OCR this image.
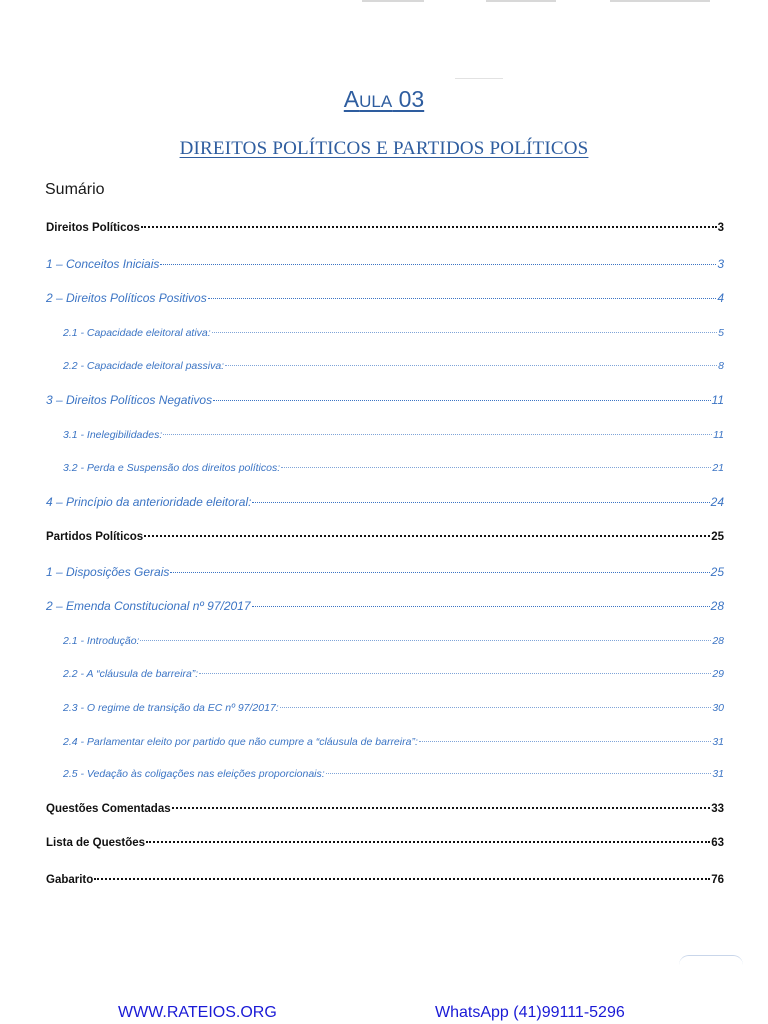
AULA 03
DIREITOS POLÍTICOS E PARTIDOS POLÍTICOS
Sumário
Direitos Políticos	3
1 – Conceitos Iniciais	3
2 – Direitos Políticos Positivos	4
2.1 - Capacidade eleitoral ativa:	5
2.2 - Capacidade eleitoral passiva:	8
3 – Direitos Políticos Negativos	11
3.1 - Inelegibilidades:	11
3.2 - Perda e Suspensão dos direitos políticos:	21
4 – Princípio da anterioridade eleitoral:	24
Partidos Políticos	25
1 – Disposições Gerais	25
2 – Emenda Constitucional nº 97/2017	28
2.1 - Introdução:	28
2.2 - A “cláusula de barreira”:	29
2.3 - O regime de transição da EC nº 97/2017:	30
2.4 - Parlamentar eleito por partido que não cumpre a “cláusula de barreira”:	31
2.5 - Vedação às coligações nas eleições proporcionais:	31
Questões Comentadas	33
Lista de Questões	63
Gabarito	76
WWW.RATEIOS.ORG	WhatsApp (41)99111-5296
